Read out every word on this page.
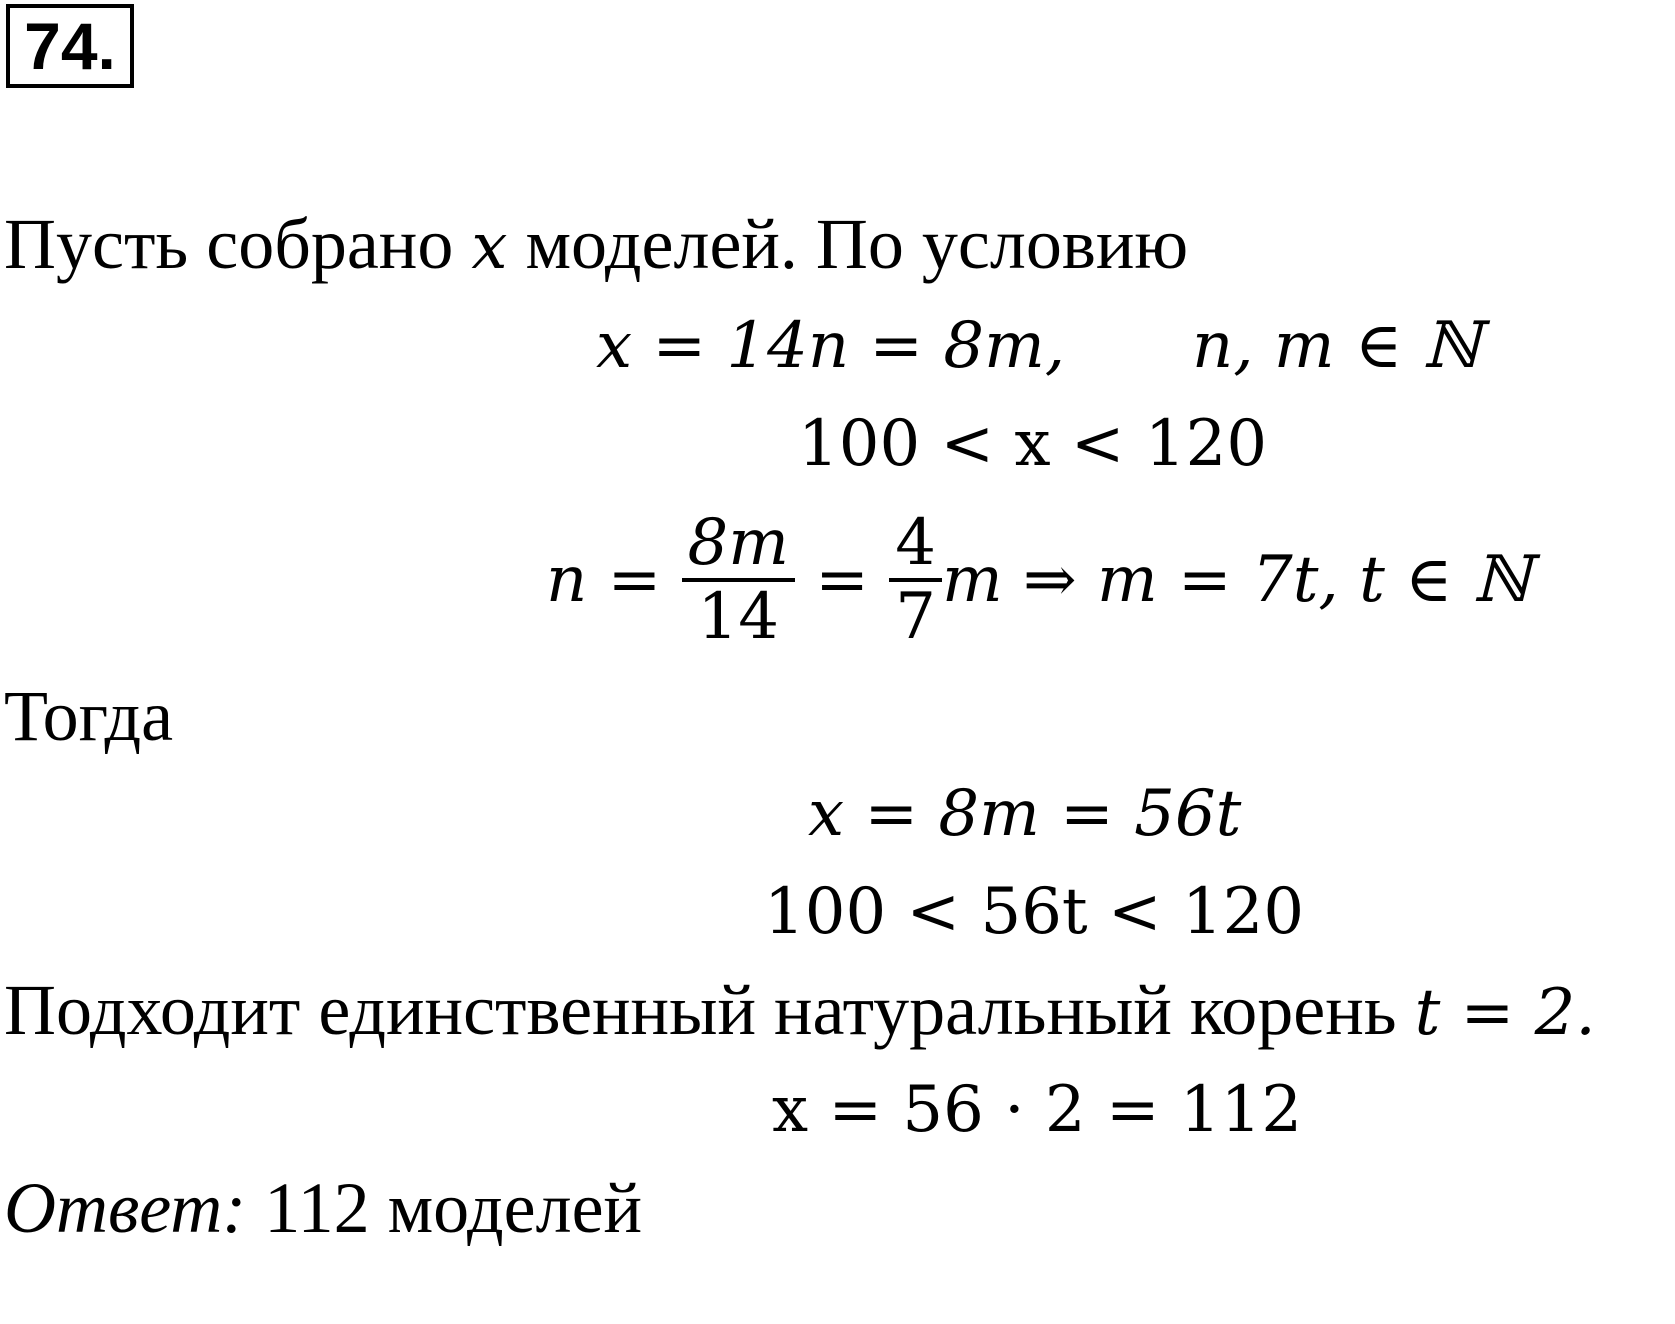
74.
Пусть собрано x моделей. По условию
x = 14n = 8m, n, m ∈ ℕ
100 < x < 120
$n = \frac{8m}{14} = \frac{4}{7}$ m ⇒ m = 7t, t ∈ ℕ
Тогда
x = 8m = 56t
100 < 56t < 120
Подходит единственный натуральный корень t = 2.
x = 56 · 2 = 112
Ответ: 112 моделей
